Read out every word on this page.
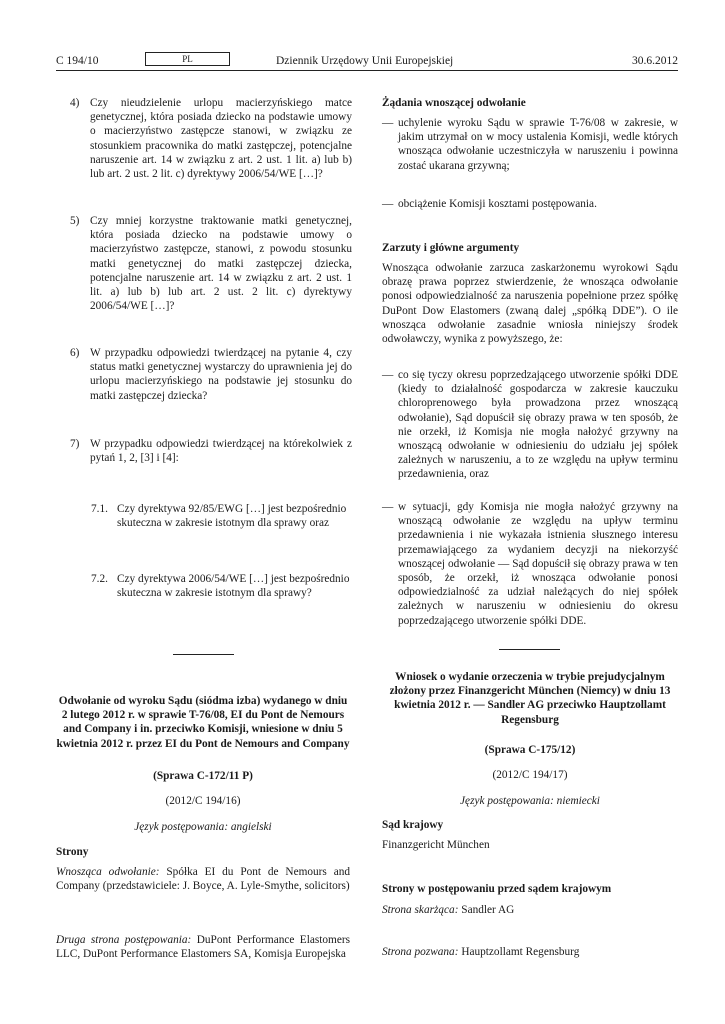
C 194/10	PL	Dziennik Urzędowy Unii Europejskiej	30.6.2012
4) Czy nieudzielenie urlopu macierzyńskiego matce genetycznej, która posiada dziecko na podstawie umowy o macierzyństwo zastępcze stanowi, w związku ze stosunkiem pracownika do matki zastępczej, potencjalne naruszenie art. 14 w związku z art. 2 ust. 1 lit. a) lub b) lub art. 2 ust. 2 lit. c) dyrektywy 2006/54/WE […]?
5) Czy mniej korzystne traktowanie matki genetycznej, która posiada dziecko na podstawie umowy o macierzyństwo zastępcze, stanowi, z powodu stosunku matki genetycznej do matki zastępczej dziecka, potencjalne naruszenie art. 14 w związku z art. 2 ust. 1 lit. a) lub b) lub art. 2 ust. 2 lit. c) dyrektywy 2006/54/WE […]?
6) W przypadku odpowiedzi twierdzącej na pytanie 4, czy status matki genetycznej wystarczy do uprawnienia jej do urlopu macierzyńskiego na podstawie jej stosunku do matki zastępczej dziecka?
7) W przypadku odpowiedzi twierdzącej na którekolwiek z pytań 1, 2, [3] i [4]:
7.1. Czy dyrektywa 92/85/EWG […] jest bezpośrednio skuteczna w zakresie istotnym dla sprawy oraz
7.2. Czy dyrektywa 2006/54/WE […] jest bezpośrednio skuteczna w zakresie istotnym dla sprawy?
Odwołanie od wyroku Sądu (siódma izba) wydanego w dniu 2 lutego 2012 r. w sprawie T-76/08, EI du Pont de Nemours and Company i in. przeciwko Komisji, wniesione w dniu 5 kwietnia 2012 r. przez EI du Pont de Nemours and Company
(Sprawa C-172/11 P)
(2012/C 194/16)
Język postępowania: angielski
Strony
Wnosząca odwołanie: Spółka EI du Pont de Nemours and Company (przedstawiciele: J. Boyce, A. Lyle-Smythe, solicitors)
Druga strona postępowania: DuPont Performance Elastomers LLC, DuPont Performance Elastomers SA, Komisja Europejska
Żądania wnoszącej odwołanie
— uchylenie wyroku Sądu w sprawie T-76/08 w zakresie, w jakim utrzymał on w mocy ustalenia Komisji, wedle których wnosząca odwołanie uczestniczyła w naruszeniu i powinna zostać ukarana grzywną;
— obciążenie Komisji kosztami postępowania.
Zarzuty i główne argumenty
Wnosząca odwołanie zarzuca zaskarżonemu wyrokowi Sądu obrazę prawa poprzez stwierdzenie, że wnosząca odwołanie ponosi odpowiedzialność za naruszenia popełnione przez spółkę DuPont Dow Elastomers (zwaną dalej „spółką DDE”). O ile wnosząca odwołanie zasadnie wniosła niniejszy środek odwoławczy, wynika z powyższego, że:
— co się tyczy okresu poprzedzającego utworzenie spółki DDE (kiedy to działalność gospodarcza w zakresie kauczuku chloroprenowego była prowadzona przez wnoszącą odwołanie), Sąd dopuścił się obrazy prawa w ten sposób, że nie orzekł, iż Komisja nie mogła nałożyć grzywny na wnoszącą odwołanie w odniesieniu do udziału jej spółek zależnych w naruszeniu, a to ze względu na upływ terminu przedawnienia, oraz
— w sytuacji, gdy Komisja nie mogła nałożyć grzywny na wnoszącą odwołanie ze względu na upływ terminu przedawnienia i nie wykazała istnienia słusznego interesu przemawiającego za wydaniem decyzji na niekorzyść wnoszącej odwołanie — Sąd dopuścił się obrazy prawa w ten sposób, że orzekł, iż wnosząca odwołanie ponosi odpowiedzialność za udział należących do niej spółek zależnych w naruszeniu w odniesieniu do okresu poprzedzającego utworzenie spółki DDE.
Wniosek o wydanie orzeczenia w trybie prejudycjalnym złożony przez Finanzgericht München (Niemcy) w dniu 13 kwietnia 2012 r. — Sandler AG przeciwko Hauptzollamt Regensburg
(Sprawa C-175/12)
(2012/C 194/17)
Język postępowania: niemiecki
Sąd krajowy
Finanzgericht München
Strony w postępowaniu przed sądem krajowym
Strona skarżąca: Sandler AG
Strona pozwana: Hauptzollamt Regensburg
